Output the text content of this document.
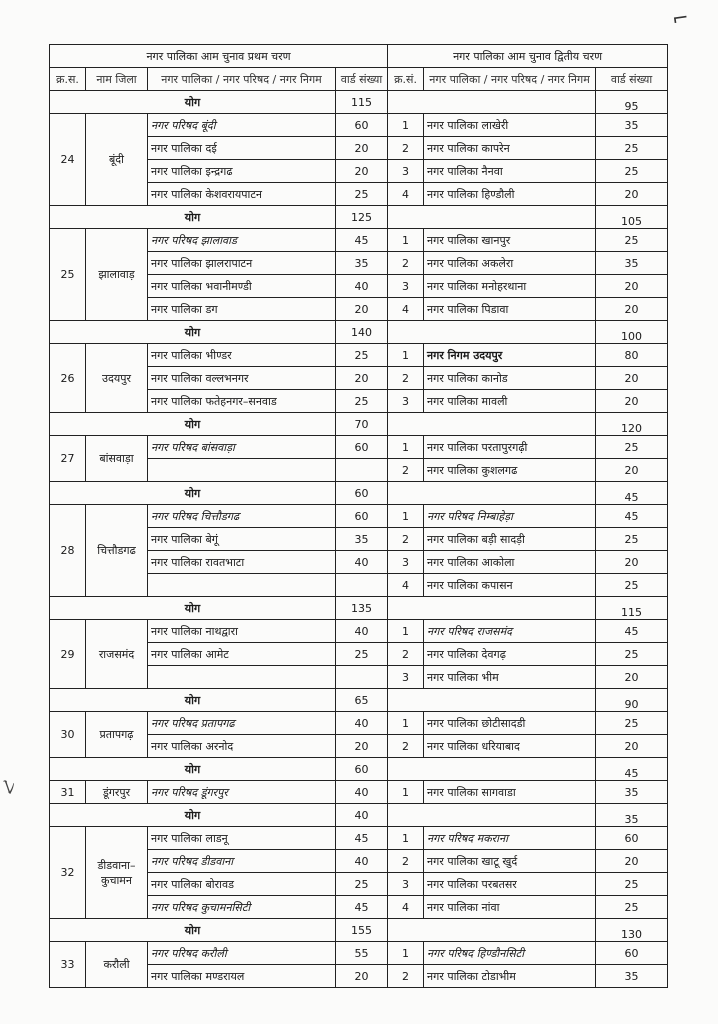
⌐
ﾚ
नगर पालिका आम चुनाव प्रथम चरण				नगर पालिका आम चुनाव द्वितीय चरण		
क्र.स.	नाम जिला	नगर पालिका / नगर परिषद / नगर निगम	वार्ड संख्या	क्र.सं.	नगर पालिका / नगर परिषद / नगर निगम	वार्ड संख्या
योग			115			95
24	बूंदी	नगर परिषद बूंदी	60	1	नगर पालिका लाखेरी	35
		नगर पालिका दई	20	2	नगर पालिका कापरेन	25
		नगर पालिका इन्द्रगढ	20	3	नगर पालिका नैनवा	25
		नगर पालिका केशवरायपाटन	25	4	नगर पालिका हिण्डौली	20
योग			125			105
25	झालावाड़	नगर परिषद झालावाड	45	1	नगर पालिका खानपुर	25
		नगर पालिका झालरापाटन	35	2	नगर पालिका अकलेरा	35
		नगर पालिका भवानीमण्डी	40	3	नगर पालिका मनोहरथाना	20
		नगर पालिका डग	20	4	नगर पालिका पिडावा	20
योग			140			100
26	उदयपुर	नगर पालिका भीण्डर	25	1	नगर निगम उदयपुर	80
		नगर पालिका वल्लभनगर	20	2	नगर पालिका कानोड	20
		नगर पालिका फतेहनगर–सनवाड	25	3	नगर पालिका मावली	20
योग			70			120
27	बांसवाड़ा	नगर परिषद बांसवाड़ा	60	1	नगर पालिका परतापुरगढ़ी	25
				2	नगर पालिका कुशलगढ	20
योग			60			45
28	चित्तौडगढ	नगर परिषद चित्तौडगढ	60	1	नगर परिषद निम्बाहेड़ा	45
		नगर पालिका बेगूं	35	2	नगर पालिका बड़ी सादड़ी	25
		नगर पालिका रावतभाटा	40	3	नगर पालिका आकोला	20
				4	नगर पालिका कपासन	25
योग			135			115
29	राजसमंद	नगर पालिका नाथद्वारा	40	1	नगर परिषद राजसमंद	45
		नगर पालिका आमेट	25	2	नगर पालिका देवगढ़	25
				3	नगर पालिका भीम	20
योग			65			90
30	प्रतापगढ़	नगर परिषद प्रतापगढ	40	1	नगर पालिका छोटीसादडी	25
		नगर पालिका अरनोद	20	2	नगर पालिका धरियाबाद	20
योग			60			45
31	डूंगरपुर	नगर परिषद डूंगरपुर	40	1	नगर पालिका सागवाडा	35
योग			40			35
32	डीडवाना–कुचामन	नगर पालिका लाडनू	45	1	नगर परिषद मकराना	60
		नगर परिषद डीडवाना	40	2	नगर पालिका खाटू खुर्द	20
		नगर पालिका बोरावड	25	3	नगर पालिका परबतसर	25
		नगर परिषद कुचामनसिटी	45	4	नगर पालिका नांवा	25
योग			155			130
33	करौली	नगर परिषद करौली	55	1	नगर परिषद हिण्डौनसिटी	60
		नगर पालिका मण्डरायल	20	2	नगर पालिका टोडाभीम	35
